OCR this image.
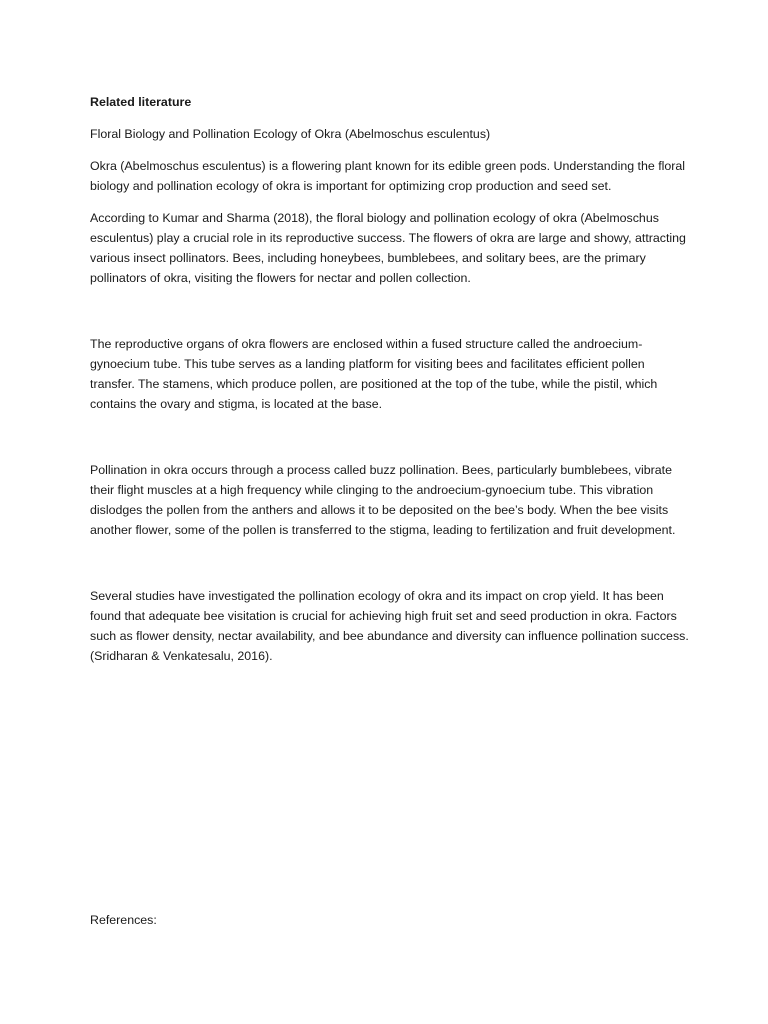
Related literature

Floral Biology and Pollination Ecology of Okra (Abelmoschus esculentus)

Okra (Abelmoschus esculentus) is a flowering plant known for its edible green pods. Understanding the floral biology and pollination ecology of okra is important for optimizing crop production and seed set.

According to Kumar and Sharma (2018), the floral biology and pollination ecology of okra (Abelmoschus esculentus) play a crucial role in its reproductive success. The flowers of okra are large and showy, attracting various insect pollinators. Bees, including honeybees, bumblebees, and solitary bees, are the primary pollinators of okra, visiting the flowers for nectar and pollen collection.

The reproductive organs of okra flowers are enclosed within a fused structure called the androecium-gynoecium tube. This tube serves as a landing platform for visiting bees and facilitates efficient pollen transfer. The stamens, which produce pollen, are positioned at the top of the tube, while the pistil, which contains the ovary and stigma, is located at the base.

Pollination in okra occurs through a process called buzz pollination. Bees, particularly bumblebees, vibrate their flight muscles at a high frequency while clinging to the androecium-gynoecium tube. This vibration dislodges the pollen from the anthers and allows it to be deposited on the bee’s body. When the bee visits another flower, some of the pollen is transferred to the stigma, leading to fertilization and fruit development.

Several studies have investigated the pollination ecology of okra and its impact on crop yield. It has been found that adequate bee visitation is crucial for achieving high fruit set and seed production in okra. Factors such as flower density, nectar availability, and bee abundance and diversity can influence pollination success.(Sridharan & Venkatesalu, 2016).

References:
